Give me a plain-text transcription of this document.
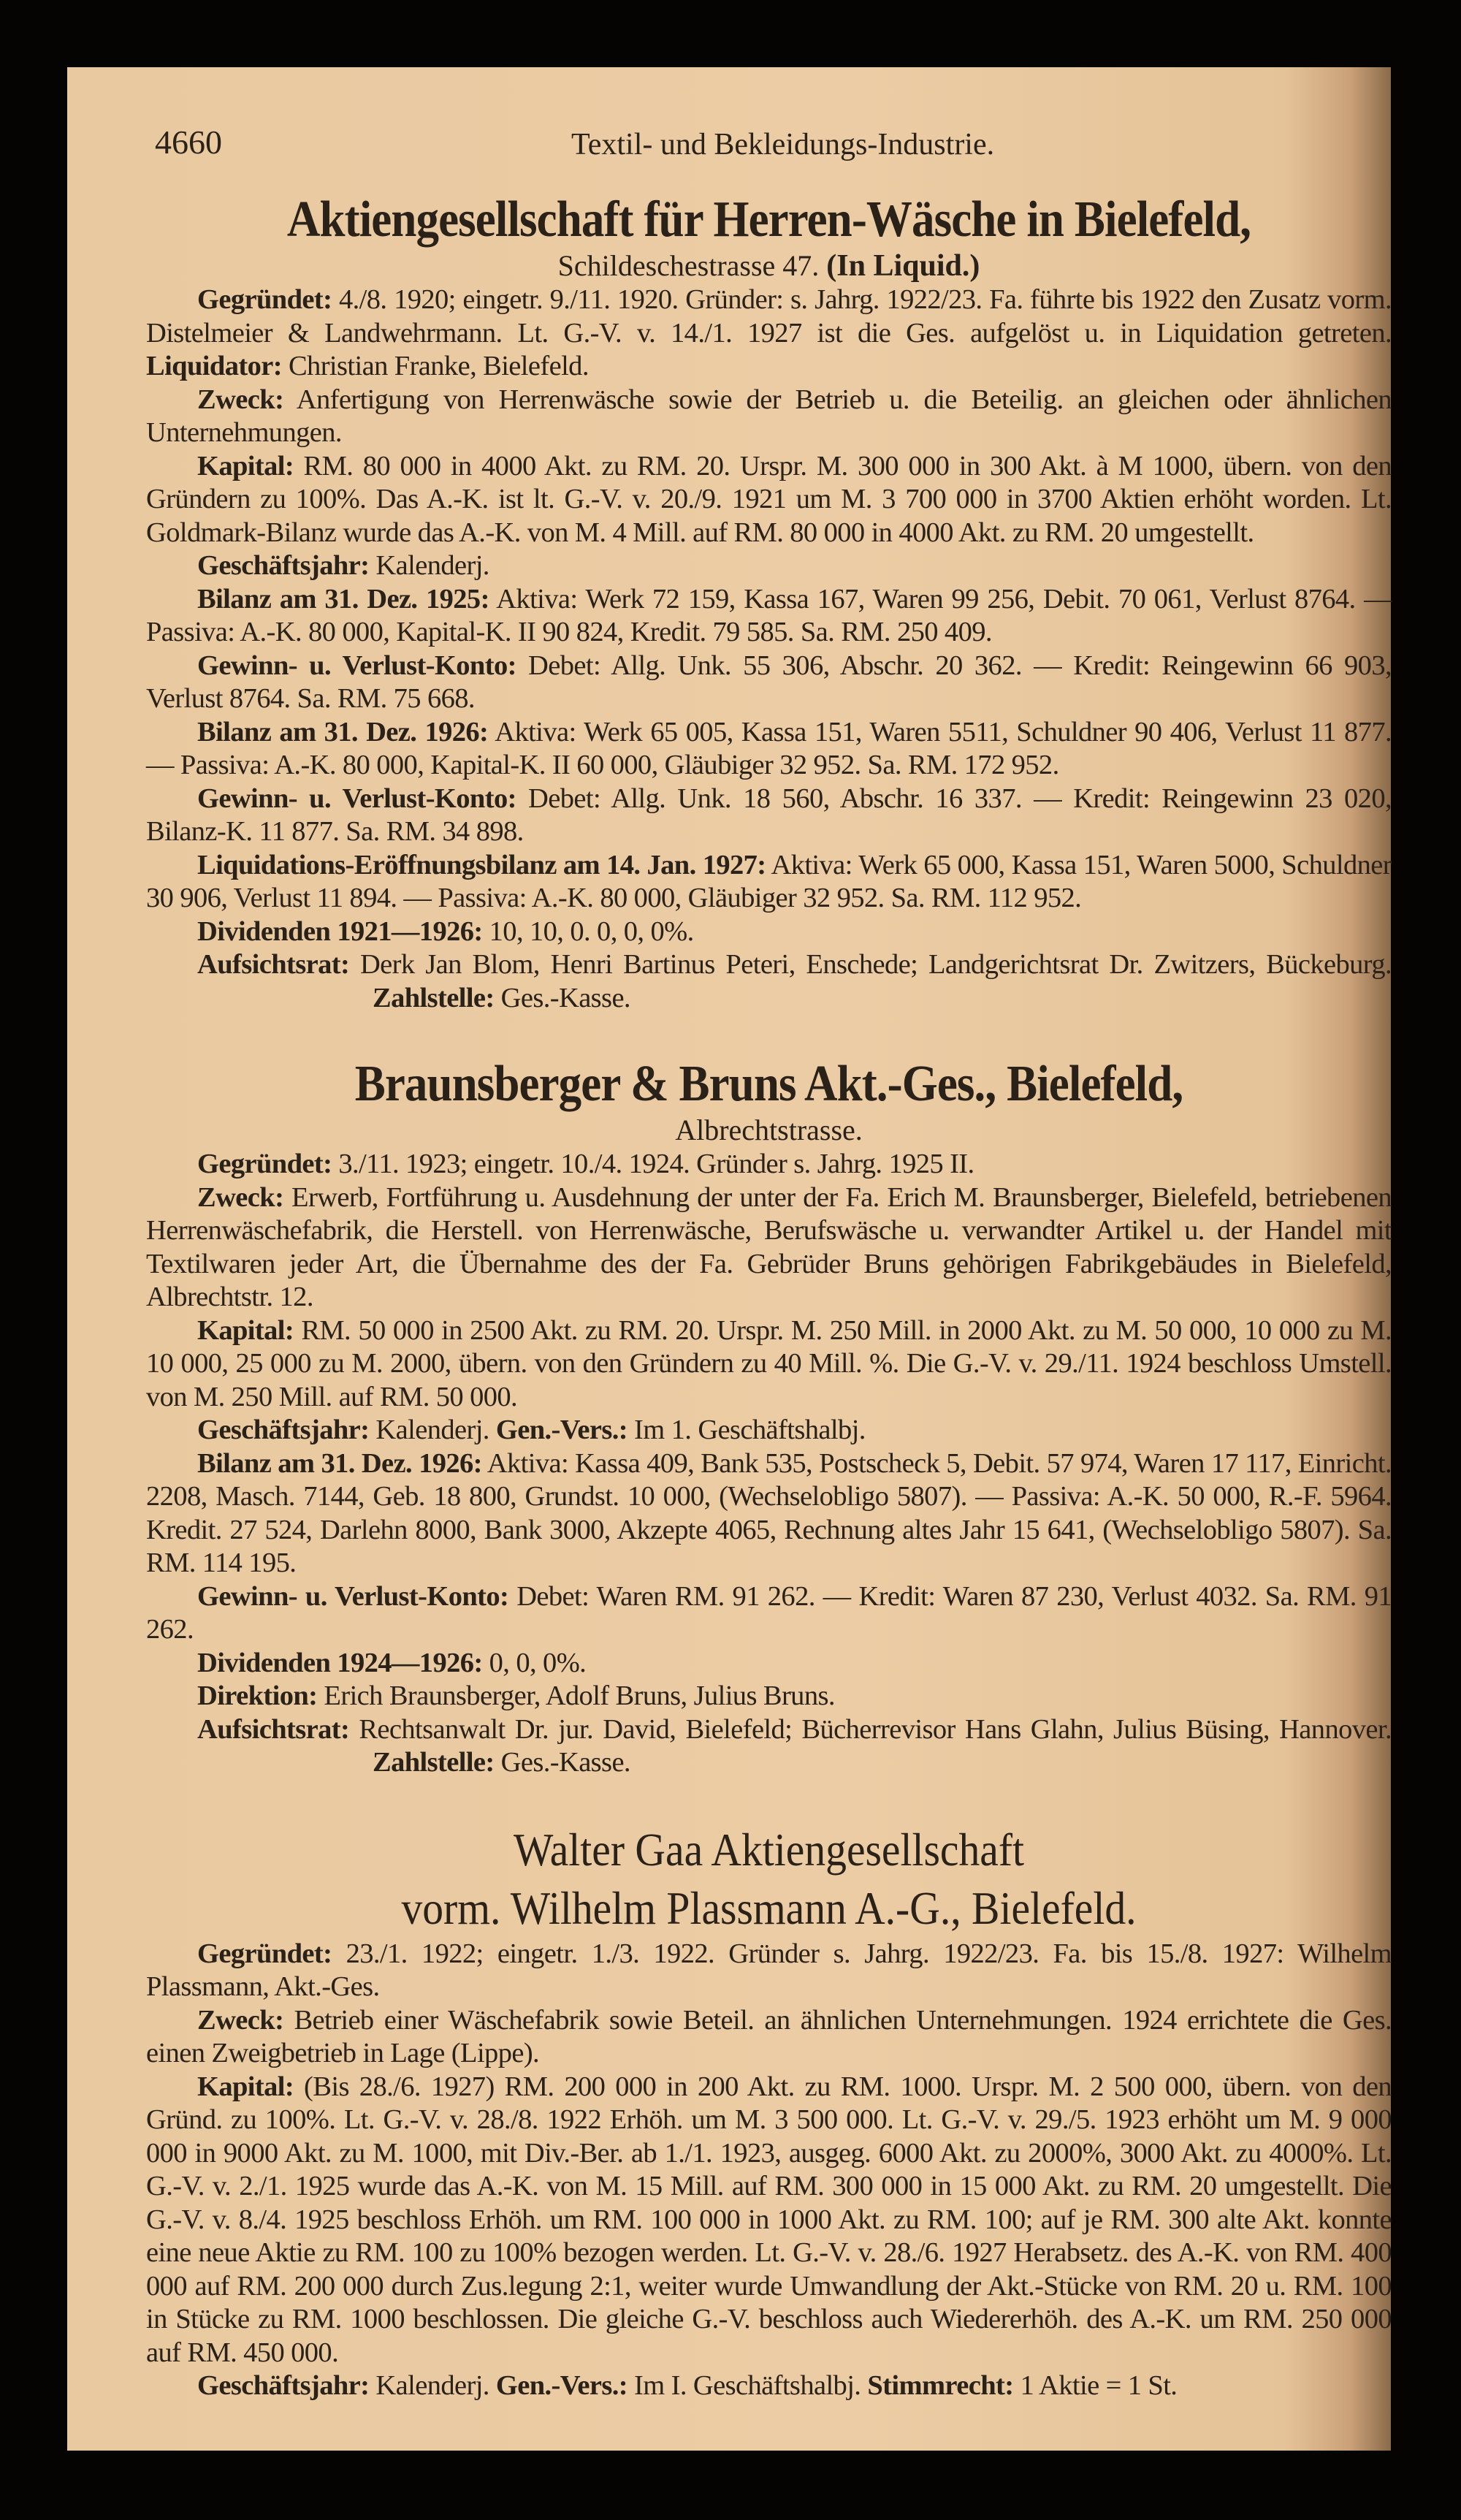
4660	Textil- und Bekleidungs-Industrie.
Aktiengesellschaft für Herren-Wäsche in Bielefeld,
Schildeschestrasse 47. (In Liquid.)

Gegründet: 4./8. 1920; eingetr. 9./11. 1920. Gründer: s. Jahrg. 1922/23. Fa. führte bis 1922 den Zusatz vorm. Distelmeier & Landwehrmann. Lt. G.-V. v. 14./1. 1927 ist die Ges. aufgelöst u. in Liquidation getreten. Liquidator: Christian Franke, Bielefeld.

Zweck: Anfertigung von Herrenwäsche sowie der Betrieb u. die Beteilig. an gleichen oder ähnlichen Unternehmungen.

Kapital: RM. 80 000 in 4000 Akt. zu RM. 20. Urspr. M. 300 000 in 300 Akt. à M 1000, übern. von den Gründern zu 100%. Das A.-K. ist lt. G.-V. v. 20./9. 1921 um M. 3 700 000 in 3700 Aktien erhöht worden. Lt. Goldmark-Bilanz wurde das A.-K. von M. 4 Mill. auf RM. 80 000 in 4000 Akt. zu RM. 20 umgestellt.

Geschäftsjahr: Kalenderj.

Bilanz am 31. Dez. 1925: Aktiva: Werk 72 159, Kassa 167, Waren 99 256, Debit. 70 061, Verlust 8764. — Passiva: A.-K. 80 000, Kapital-K. II 90 824, Kredit. 79 585. Sa. RM. 250 409.

Gewinn- u. Verlust-Konto: Debet: Allg. Unk. 55 306, Abschr. 20 362. — Kredit: Reingewinn 66 903, Verlust 8764. Sa. RM. 75 668.

Bilanz am 31. Dez. 1926: Aktiva: Werk 65 005, Kassa 151, Waren 5511, Schuldner 90 406, Verlust 11 877. — Passiva: A.-K. 80 000, Kapital-K. II 60 000, Gläubiger 32 952. Sa. RM. 172 952.

Gewinn- u. Verlust-Konto: Debet: Allg. Unk. 18 560, Abschr. 16 337. — Kredit: Reingewinn 23 020, Bilanz-K. 11 877. Sa. RM. 34 898.

Liquidations-Eröffnungsbilanz am 14. Jan. 1927: Aktiva: Werk 65 000, Kassa 151, Waren 5000, Schuldner 30 906, Verlust 11 894. — Passiva: A.-K. 80 000, Gläubiger 32 952. Sa. RM. 112 952.

Dividenden 1921—1926: 10, 10, 0. 0, 0, 0%.

Aufsichtsrat: Derk Jan Blom, Henri Bartinus Peteri, Enschede; Landgerichtsrat Dr. Zwitzers, Bückeburg.Zahlstelle: Ges.-Kasse.

Braunsberger & Bruns Akt.-Ges., Bielefeld,
Albrechtstrasse.

Gegründet: 3./11. 1923; eingetr. 10./4. 1924. Gründer s. Jahrg. 1925 II.

Zweck: Erwerb, Fortführung u. Ausdehnung der unter der Fa. Erich M. Braunsberger, Bielefeld, betriebenen Herrenwäschefabrik, die Herstell. von Herrenwäsche, Berufswäsche u. verwandter Artikel u. der Handel mit Textilwaren jeder Art, die Übernahme des der Fa. Gebrüder Bruns gehörigen Fabrikgebäudes in Bielefeld, Albrechtstr. 12.

Kapital: RM. 50 000 in 2500 Akt. zu RM. 20. Urspr. M. 250 Mill. in 2000 Akt. zu M. 50 000, 10 000 zu M. 10 000, 25 000 zu M. 2000, übern. von den Gründern zu 40 Mill. %. Die G.-V. v. 29./11. 1924 beschloss Umstell. von M. 250 Mill. auf RM. 50 000.

Geschäftsjahr: Kalenderj. Gen.-Vers.: Im 1. Geschäftshalbj.

Bilanz am 31. Dez. 1926: Aktiva: Kassa 409, Bank 535, Postscheck 5, Debit. 57 974, Waren 17 117, Einricht. 2208, Masch. 7144, Geb. 18 800, Grundst. 10 000, (Wechselobligo 5807). — Passiva: A.-K. 50 000, R.-F. 5964. Kredit. 27 524, Darlehn 8000, Bank 3000, Akzepte 4065, Rechnung altes Jahr 15 641, (Wechselobligo 5807). Sa. RM. 114 195.

Gewinn- u. Verlust-Konto: Debet: Waren RM. 91 262. — Kredit: Waren 87 230, Verlust 4032. Sa. RM. 91 262.

Dividenden 1924—1926: 0, 0, 0%.

Direktion: Erich Braunsberger, Adolf Bruns, Julius Bruns.

Aufsichtsrat: Rechtsanwalt Dr. jur. David, Bielefeld; Bücherrevisor Hans Glahn, Julius Büsing, Hannover.Zahlstelle: Ges.-Kasse.

Walter Gaa Aktiengesellschaft
vorm. Wilhelm Plassmann A.-G., Bielefeld.

Gegründet: 23./1. 1922; eingetr. 1./3. 1922. Gründer s. Jahrg. 1922/23. Fa. bis 15./8. 1927: Wilhelm Plassmann, Akt.-Ges.

Zweck: Betrieb einer Wäschefabrik sowie Beteil. an ähnlichen Unternehmungen. 1924 errichtete die Ges. einen Zweigbetrieb in Lage (Lippe).

Kapital: (Bis 28./6. 1927) RM. 200 000 in 200 Akt. zu RM. 1000. Urspr. M. 2 500 000, übern. von den Gründ. zu 100%. Lt. G.-V. v. 28./8. 1922 Erhöh. um M. 3 500 000. Lt. G.-V. v. 29./5. 1923 erhöht um M. 9 000 000 in 9000 Akt. zu M. 1000, mit Div.-Ber. ab 1./1. 1923, ausgeg. 6000 Akt. zu 2000%, 3000 Akt. zu 4000%. Lt. G.-V. v. 2./1. 1925 wurde das A.-K. von M. 15 Mill. auf RM. 300 000 in 15 000 Akt. zu RM. 20 umgestellt. Die G.-V. v. 8./4. 1925 beschloss Erhöh. um RM. 100 000 in 1000 Akt. zu RM. 100; auf je RM. 300 alte Akt. konnte eine neue Aktie zu RM. 100 zu 100% bezogen werden. Lt. G.-V. v. 28./6. 1927 Herabsetz. des A.-K. von RM. 400 000 auf RM. 200 000 durch Zus.legung 2:1, weiter wurde Umwandlung der Akt.-Stücke von RM. 20 u. RM. 100 in Stücke zu RM. 1000 beschlossen. Die gleiche G.-V. beschloss auch Wiedererhöh. des A.-K. um RM. 250 000 auf RM. 450 000.

Geschäftsjahr: Kalenderj. Gen.-Vers.: Im I. Geschäftshalbj. Stimmrecht: 1 Aktie = 1 St.
